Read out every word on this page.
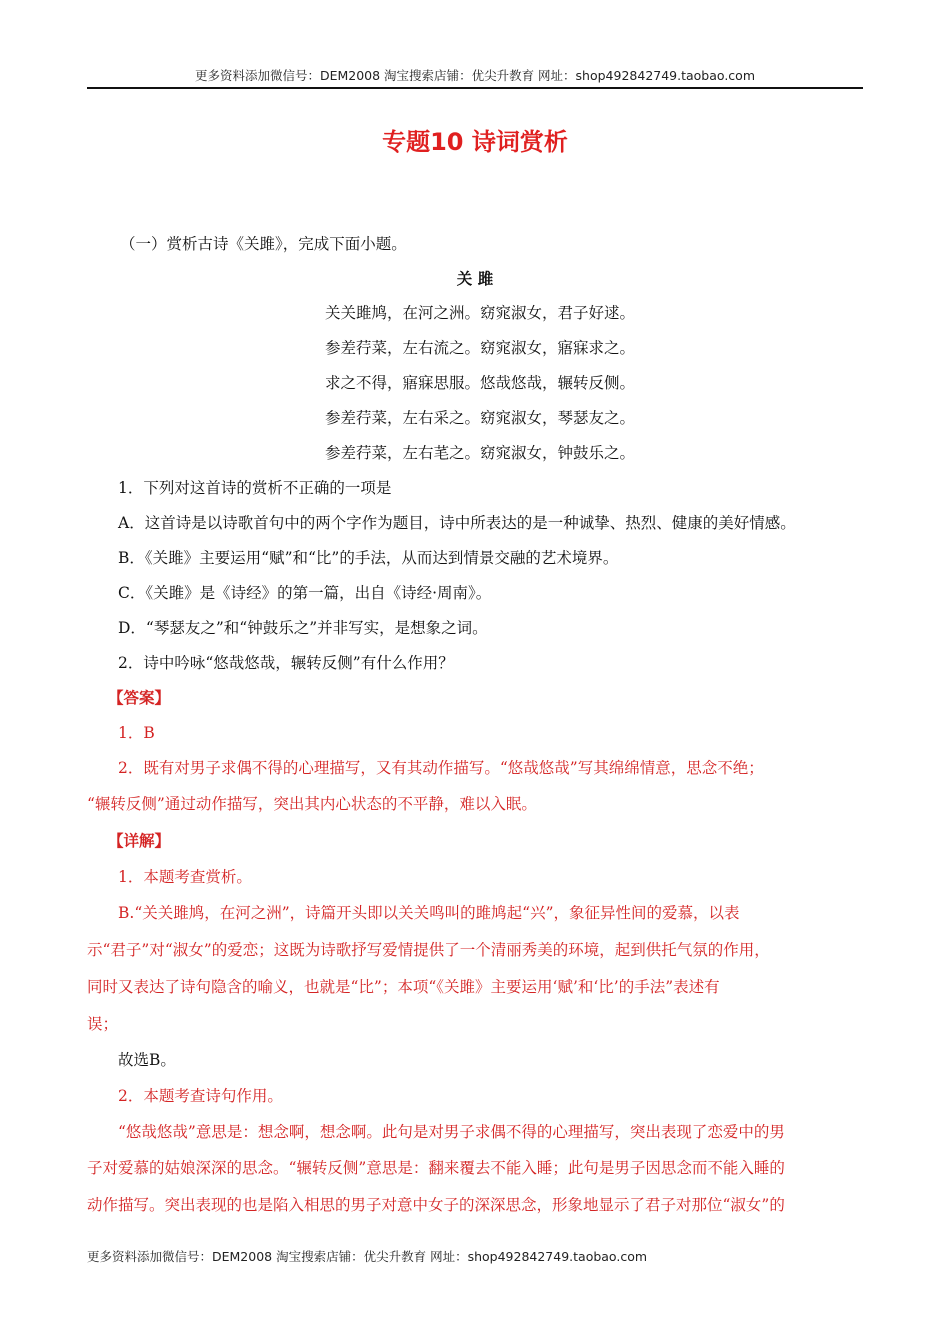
更多资料添加微信号：DEM2008 淘宝搜索店铺：优尖升教育 网址：shop492842749.taobao.com
专题10 诗词赏析
（一）赏析古诗《关雎》，完成下面小题。
关 雎
关关雎鸠，在河之洲。窈窕淑女，君子好逑。
参差荇菜，左右流之。窈窕淑女，寤寐求之。
求之不得，寤寐思服。悠哉悠哉，辗转反侧。
参差荇菜，左右采之。窈窕淑女，琴瑟友之。
参差荇菜，左右芼之。窈窕淑女，钟鼓乐之。
1．下列对这首诗的赏析不正确的一项是
A．这首诗是以诗歌首句中的两个字作为题目，诗中所表达的是一种诚挚、热烈、健康的美好情感。
B．《关雎》主要运用“赋”和“比”的手法，从而达到情景交融的艺术境界。
C．《关雎》是《诗经》的第一篇，出自《诗经·周南》。
D．“琴瑟友之”和“钟鼓乐之”并非写实，是想象之词。
2．诗中吟咏“悠哉悠哉，辗转反侧”有什么作用？
【答案】
1．B
2．既有对男子求偶不得的心理描写，又有其动作描写。“悠哉悠哉”写其绵绵情意，思念不绝；
“辗转反侧”通过动作描写，突出其内心状态的不平静，难以入眠。
【详解】
1．本题考查赏析。
B.“关关雎鸠，在河之洲”，诗篇开头即以关关鸣叫的雎鸠起“兴”，象征异性间的爱慕，以表
示“君子”对“淑女”的爱恋；这既为诗歌抒写爱情提供了一个清丽秀美的环境，起到供托气氛的作用，
同时又表达了诗句隐含的喻义，也就是“比”；本项“《关雎》主要运用‘赋’和‘比’的手法”表述有
误；
故选B。
2．本题考查诗句作用。
“悠哉悠哉”意思是：想念啊，想念啊。此句是对男子求偶不得的心理描写，突出表现了恋爱中的男
子对爱慕的姑娘深深的思念。“辗转反侧”意思是：翻来覆去不能入睡；此句是男子因思念而不能入睡的
动作描写。突出表现的也是陷入相思的男子对意中女子的深深思念，形象地显示了君子对那位“淑女”的
更多资料添加微信号：DEM2008 淘宝搜索店铺：优尖升教育 网址：shop492842749.taobao.com
